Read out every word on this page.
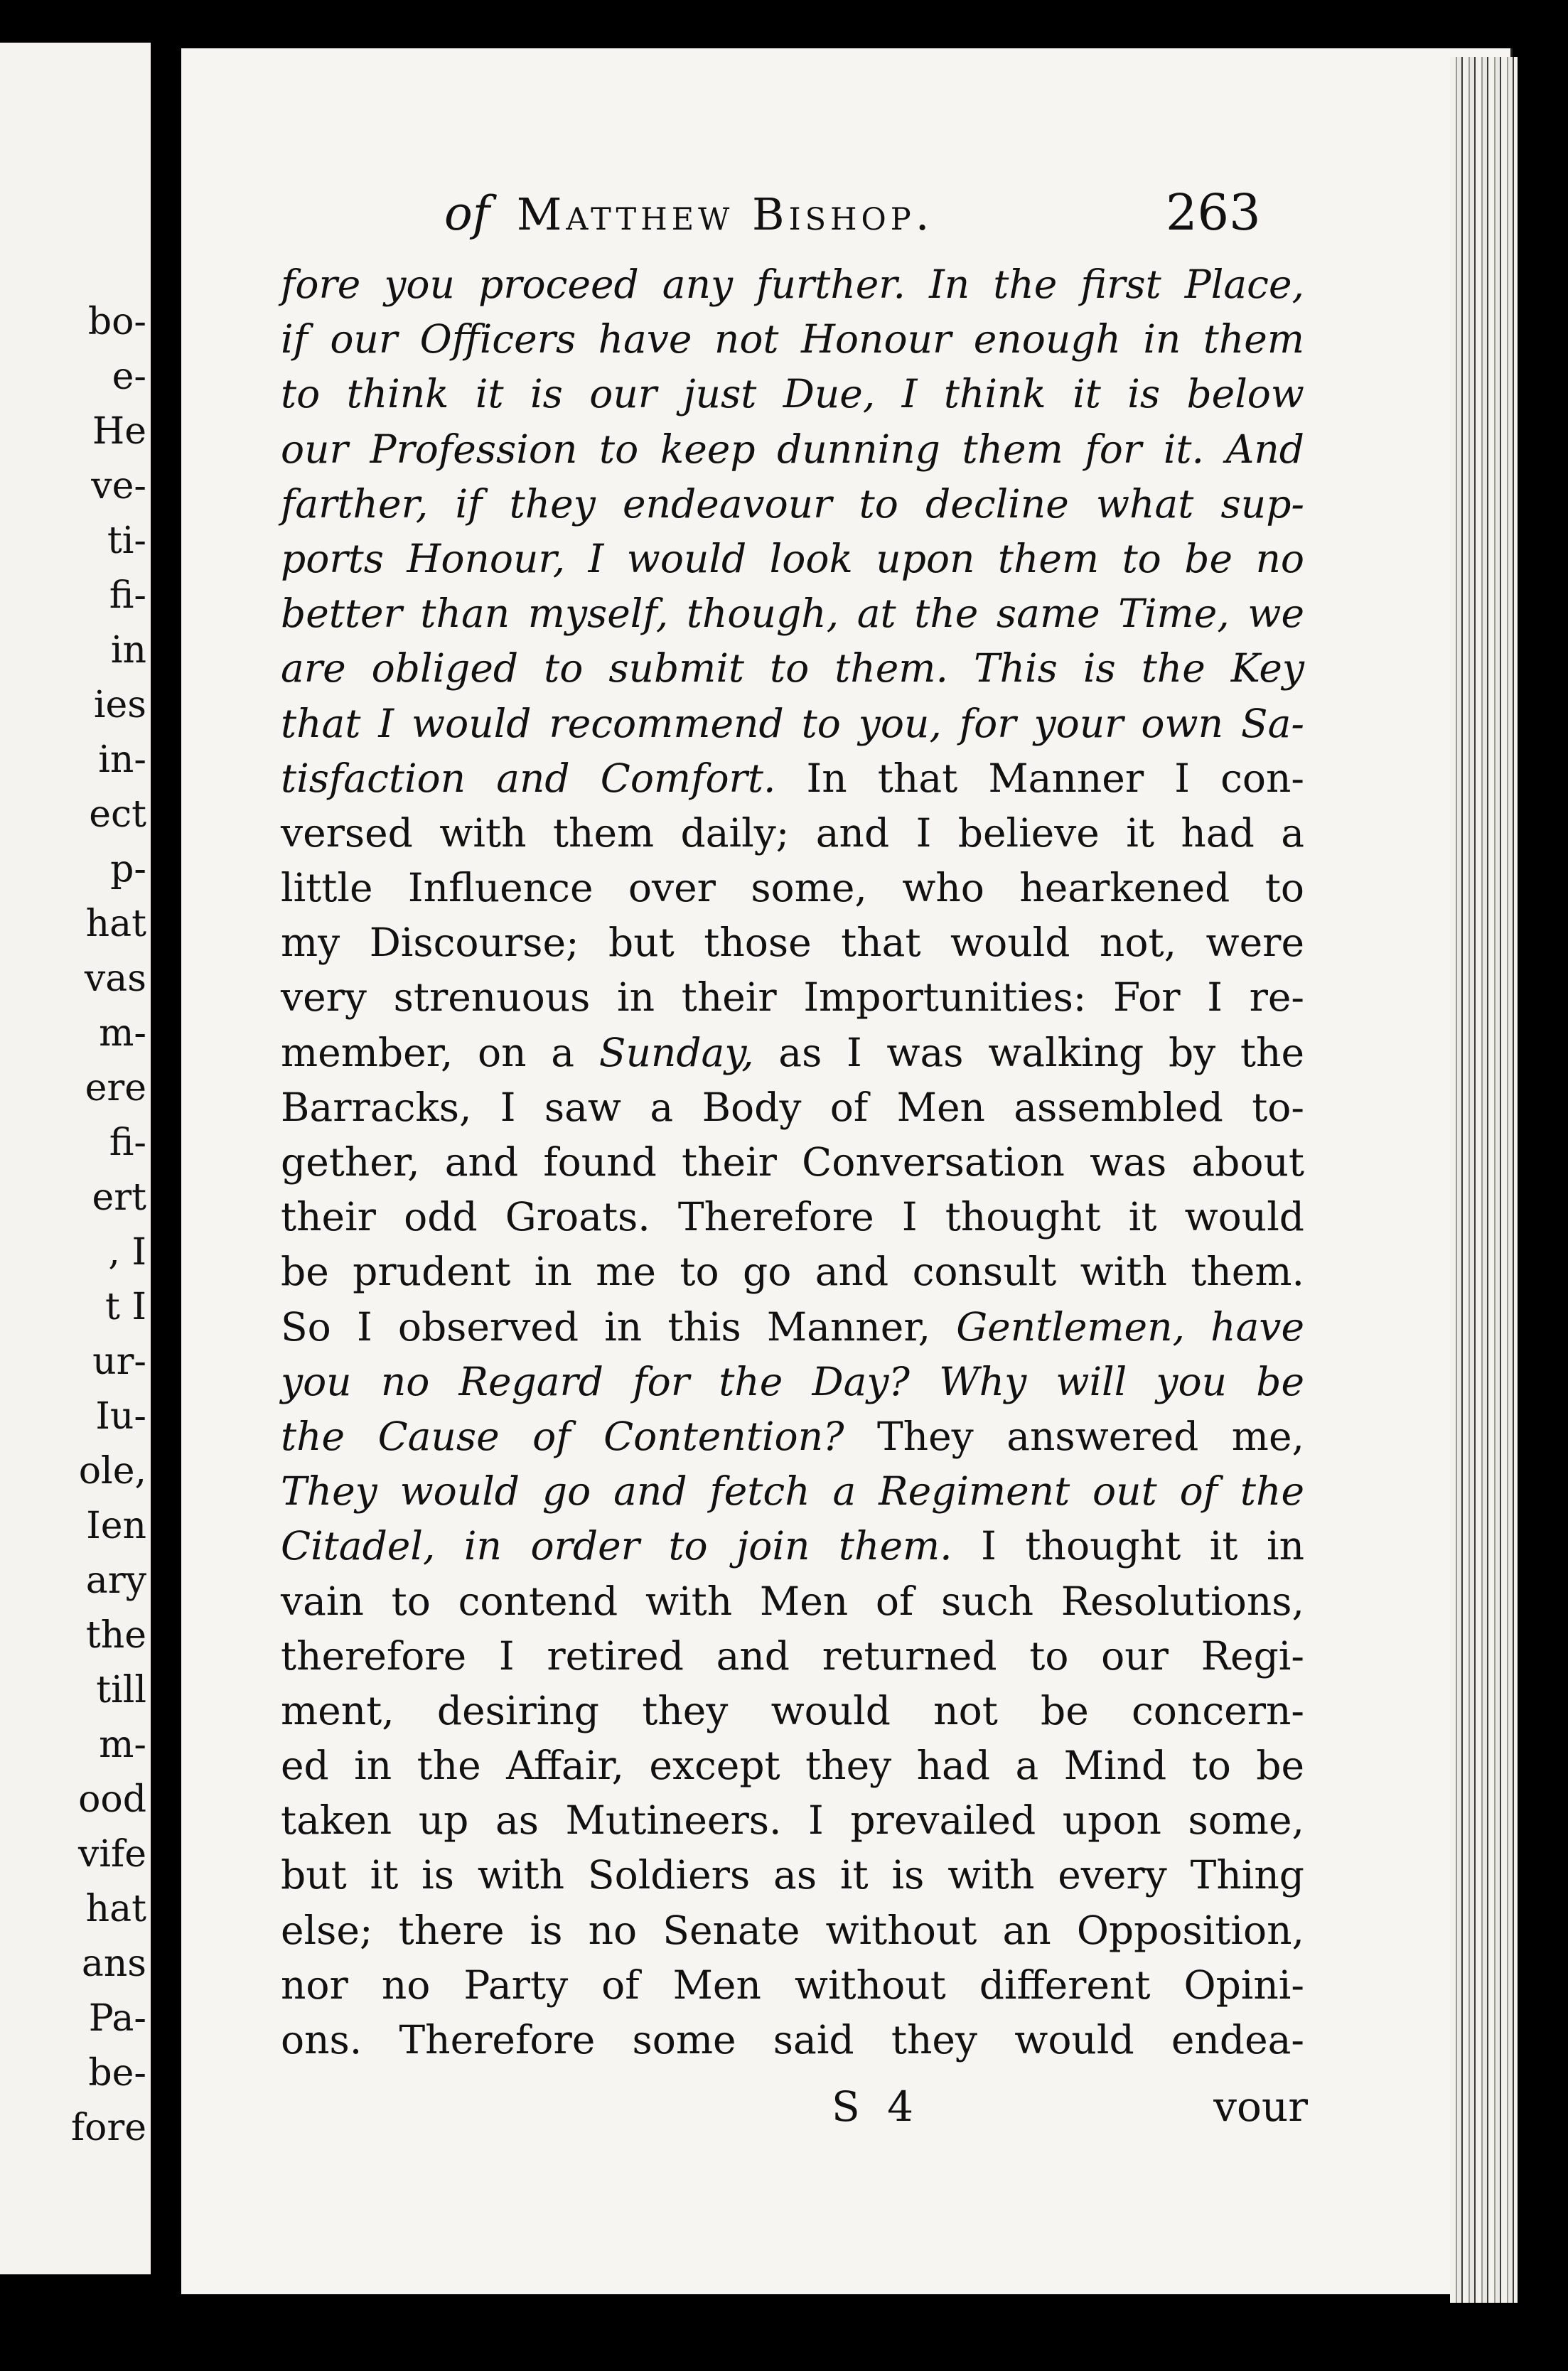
bo-
e-
He
ve-
ti-
fi-
in
ies
in-
ect
p-
hat
vas
m-
ere
fi-
ert
, I
t I
ur-
Iu-
ole,
Ien
ary
the
till
m-
ood
vife
hat
ans
Pa-
be-
fore
of Matthew Bishop.	263
fore you proceed any further. In the first Place,
if our Officers have not Honour enough in them
to think it is our just Due, I think it is below
our Profession to keep dunning them for it. And
farther, if they endeavour to decline what sup-
ports Honour, I would look upon them to be no
better than myself, though, at the same Time, we
are obliged to submit to them. This is the Key
that I would recommend to you, for your own Sa-
tisfaction and Comfort. In that Manner I con-
versed with them daily; and I believe it had a
little Influence over some, who hearkened to
my Discourse; but those that would not, were
very strenuous in their Importunities: For I re-
member, on a Sunday, as I was walking by the
Barracks, I saw a Body of Men assembled to-
gether, and found their Conversation was about
their odd Groats. Therefore I thought it would
be prudent in me to go and consult with them.
So I observed in this Manner, Gentlemen, have
you no Regard for the Day? Why will you be
the Cause of Contention? They answered me,
They would go and fetch a Regiment out of the
Citadel, in order to join them. I thought it in
vain to contend with Men of such Resolutions,
therefore I retired and returned to our Regi-
ment, desiring they would not be concern-
ed in the Affair, except they had a Mind to be
taken up as Mutineers. I prevailed upon some,
but it is with Soldiers as it is with every Thing
else; there is no Senate without an Opposition,
nor no Party of Men without different Opini-
ons. Therefore some said they would endea-
S 4	vour
